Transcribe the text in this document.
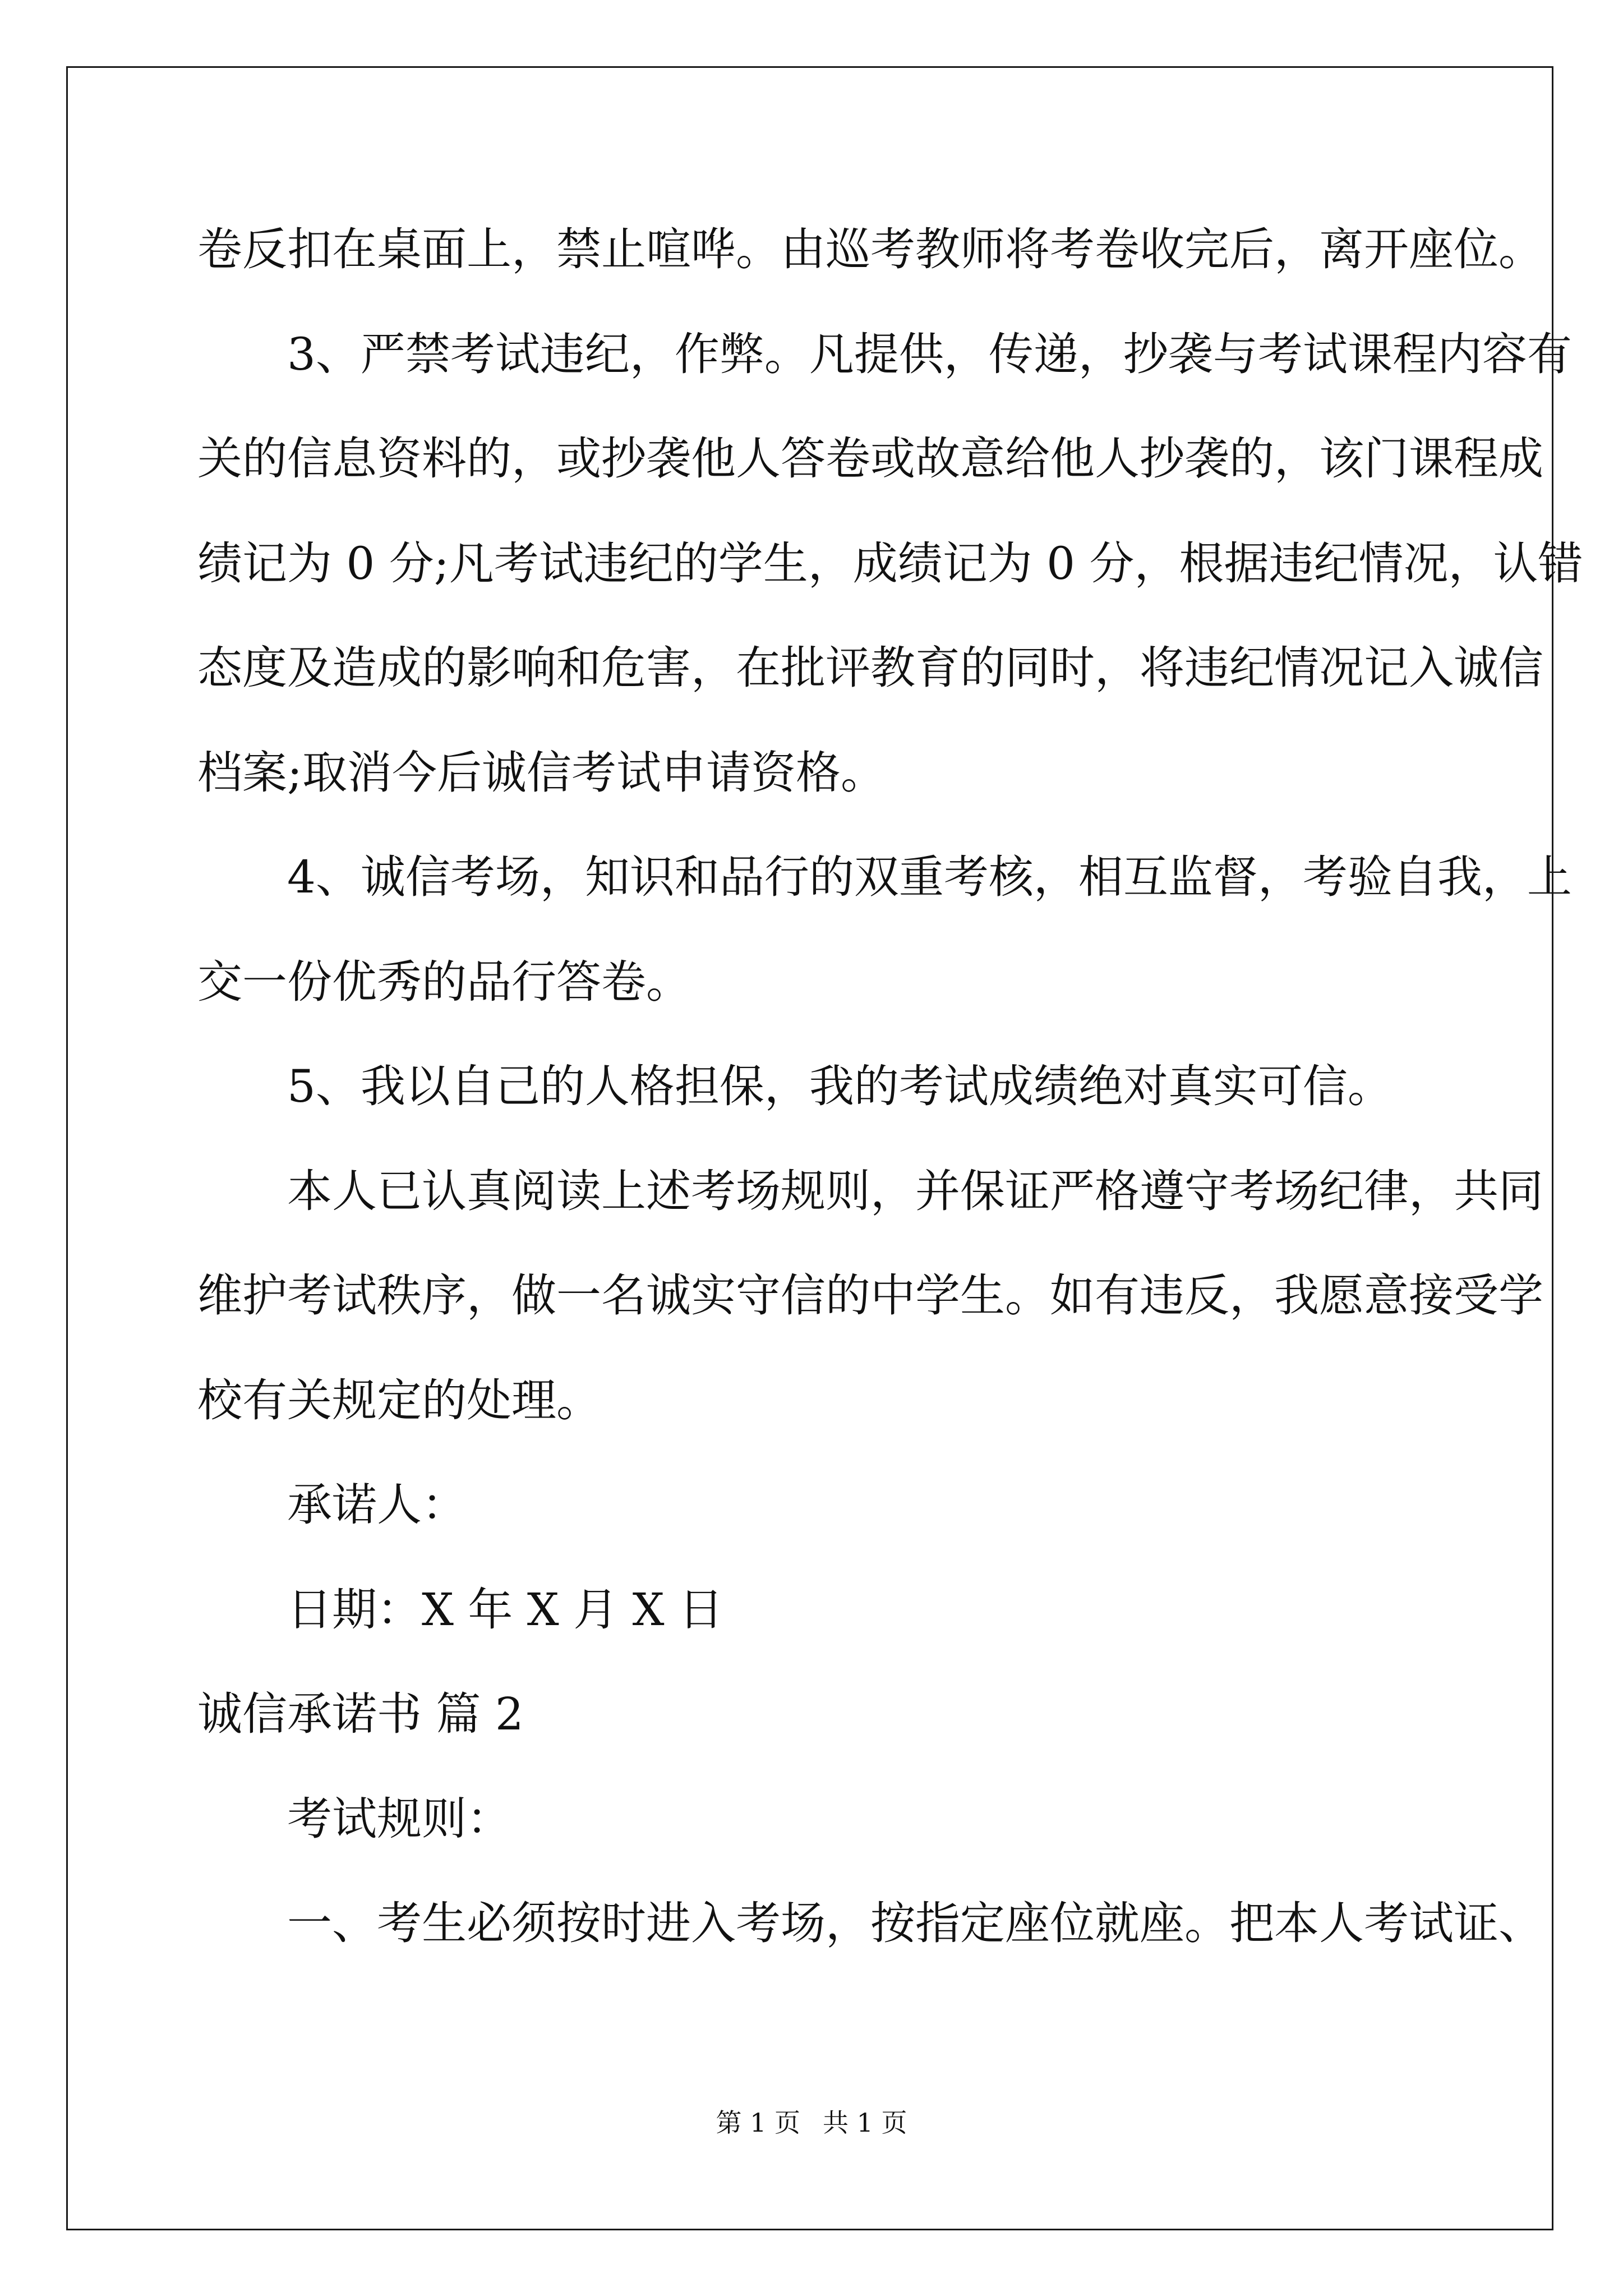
卷反扣在桌面上，禁止喧哗。由巡考教师将考卷收完后，离开座位。
3、严禁考试违纪，作弊。凡提供，传递，抄袭与考试课程内容有
关的信息资料的，或抄袭他人答卷或故意给他人抄袭的，该门课程成
绩记为 0 分;凡考试违纪的学生，成绩记为 0 分，根据违纪情况，认错
态度及造成的影响和危害，在批评教育的同时，将违纪情况记入诚信
档案;取消今后诚信考试申请资格。
4、诚信考场，知识和品行的双重考核，相互监督，考验自我，上
交一份优秀的品行答卷。
5、我以自己的人格担保，我的考试成绩绝对真实可信。
本人已认真阅读上述考场规则，并保证严格遵守考场纪律，共同
维护考试秩序，做一名诚实守信的中学生。如有违反，我愿意接受学
校有关规定的处理。
承诺人：
日期：X 年 X 月 X 日
诚信承诺书 篇 2
考试规则：
一、考生必须按时进入考场，按指定座位就座。把本人考试证、
第 1 页 共 1 页
